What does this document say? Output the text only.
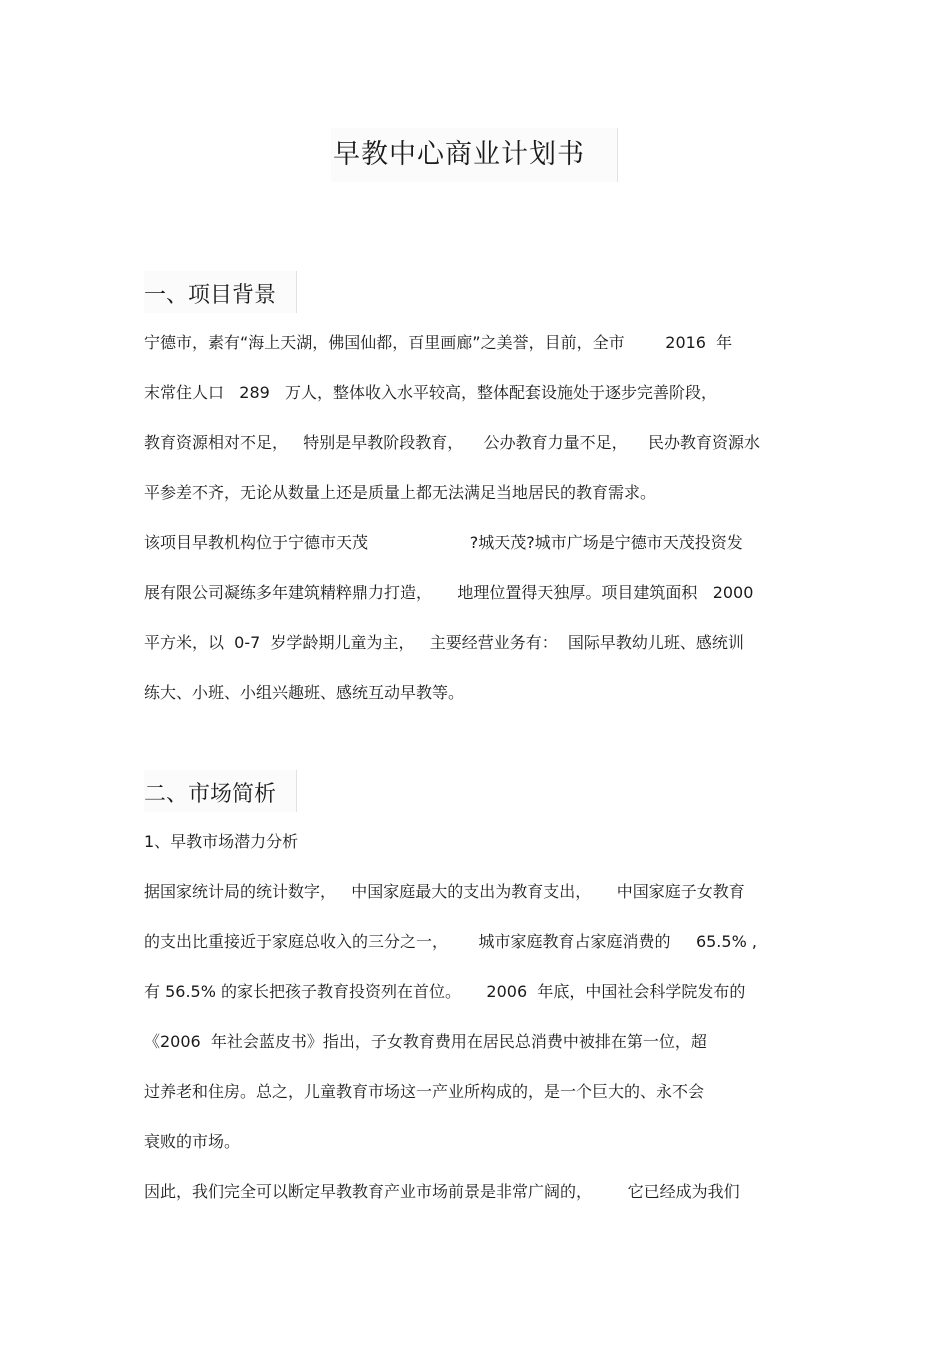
早教中心商业计划书
一、项目背景
宁德市，素有“海上天湖，佛国仙都，百里画廊”之美誉，目前，全市        2016  年
末常住人口   289   万人，整体收入水平较高，整体配套设施处于逐步完善阶段，
教育资源相对不足，   特别是早教阶段教育，    公办教育力量不足，    民办教育资源水
平参差不齐，无论从数量上还是质量上都无法满足当地居民的教育需求。
该项目早教机构位于宁德市天茂                    ?城天茂?城市广场是宁德市天茂投资发
展有限公司凝练多年建筑精粹鼎力打造，     地理位置得天独厚。项目建筑面积   2000
平方米，以  0-7  岁学龄期儿童为主，   主要经营业务有：  国际早教幼儿班、感统训
练大、小班、小组兴趣班、感统互动早教等。
二、市场简析
1、早教市场潜力分析
据国家统计局的统计数字，   中国家庭最大的支出为教育支出，     中国家庭子女教育
的支出比重接近于家庭总收入的三分之一，      城市家庭教育占家庭消费的     65.5% ,
有 56.5% 的家长把孩子教育投资列在首位。     2006  年底，中国社会科学院发布的
《2006  年社会蓝皮书》指出，子女教育费用在居民总消费中被排在第一位，超
过养老和住房。总之，儿童教育市场这一产业所构成的，是一个巨大的、永不会
衰败的市场。
因此，我们完全可以断定早教教育产业市场前景是非常广阔的，       它已经成为我们
